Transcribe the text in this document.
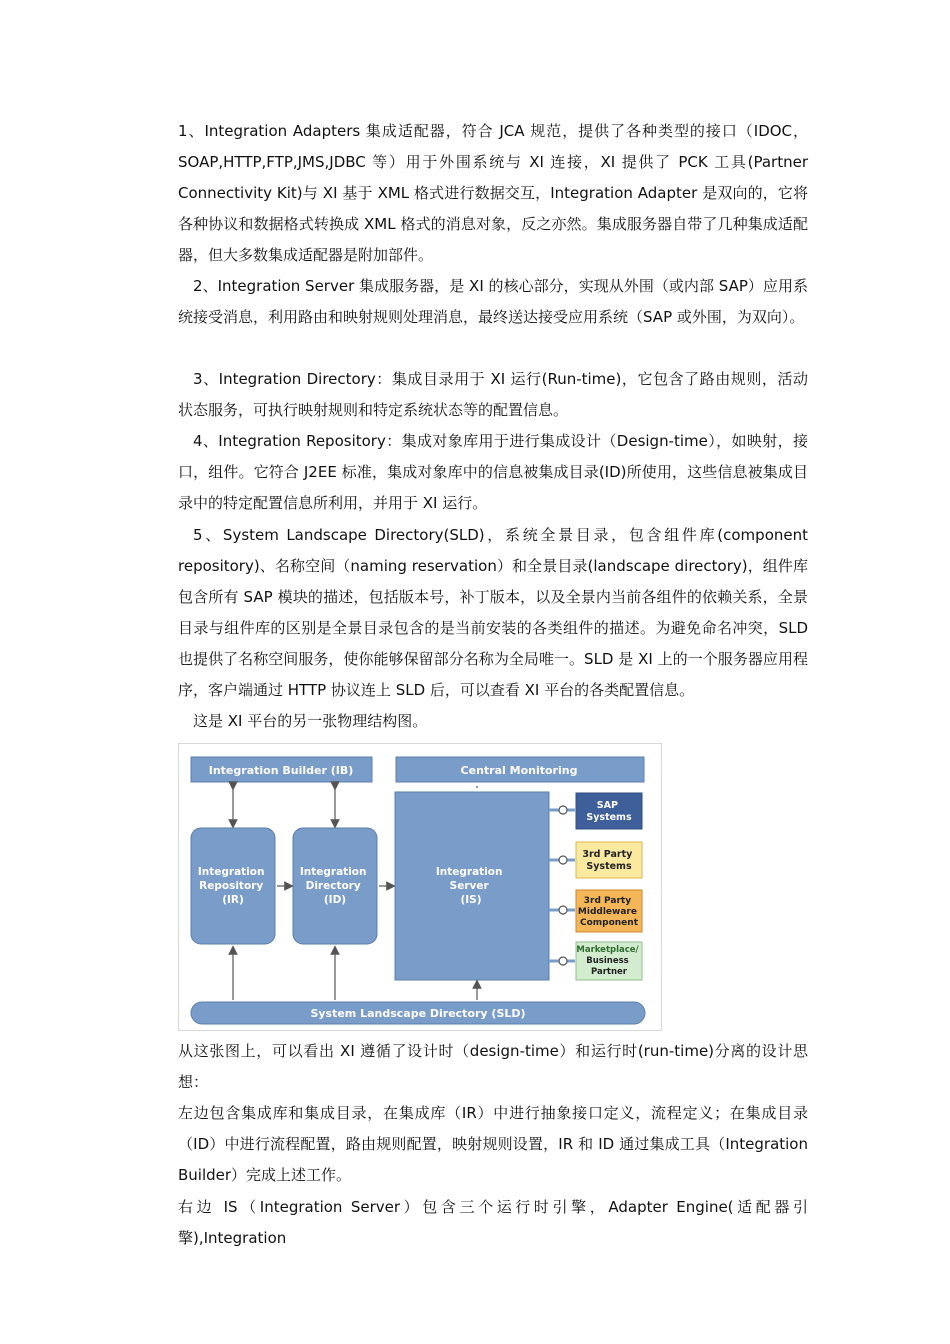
1、Integration Adapters 集成适配器，符合 JCA 规范，提供了各种类型的接口（IDOC，SOAP,HTTP,FTP,JMS,JDBC 等）用于外围系统与 XI 连接，XI 提供了 PCK 工具(Partner Connectivity Kit)与 XI 基于 XML 格式进行数据交互，Integration Adapter 是双向的，它将各种协议和数据格式转换成 XML 格式的消息对象，反之亦然。集成服务器自带了几种集成适配器，但大多数集成适配器是附加部件。

2、Integration Server 集成服务器，是 XI 的核心部分，实现从外围（或内部 SAP）应用系统接受消息，利用路由和映射规则处理消息，最终送达接受应用系统（SAP 或外围，为双向）。

3、Integration Directory：集成目录用于 XI 运行(Run-time)，它包含了路由规则，活动状态服务，可执行映射规则和特定系统状态等的配置信息。

4、Integration Repository：集成对象库用于进行集成设计（Design-time），如映射，接口，组件。它符合 J2EE 标准，集成对象库中的信息被集成目录(ID)所使用，这些信息被集成目录中的特定配置信息所利用，并用于 XI 运行。

5、System Landscape Directory(SLD)，系统全景目录，包含组件库(component repository)、名称空间（naming reservation）和全景目录(landscape directory)，组件库包含所有 SAP 模块的描述，包括版本号，补丁版本，以及全景内当前各组件的依赖关系，全景目录与组件库的区别是全景目录包含的是当前安装的各类组件的描述。为避免命名冲突，SLD 也提供了名称空间服务，使你能够保留部分名称为全局唯一。SLD 是 XI 上的一个服务器应用程序，客户端通过 HTTP 协议连上 SLD 后，可以查看 XI 平台的各类配置信息。

这是 XI 平台的另一张物理结构图。

Integration Builder (IB)	Central Monitoring
Integration Repository (IR)
Integration Directory (ID)
Integration Server (IS)
SAP Systems
3rd Party Systems
3rd Party Middleware Component
Marketplace/ Business Partner
System Landscape Directory (SLD)

从这张图上，可以看出 XI 遵循了设计时（design-time）和运行时(run-time)分离的设计思想：

左边包含集成库和集成目录，在集成库（IR）中进行抽象接口定义，流程定义；在集成目录（ID）中进行流程配置，路由规则配置，映射规则设置，IR 和 ID 通过集成工具（Integration Builder）完成上述工作。

右边 IS（Integration Server）包含三个运行时引擎，Adapter Engine(适配器引擎),Integration
